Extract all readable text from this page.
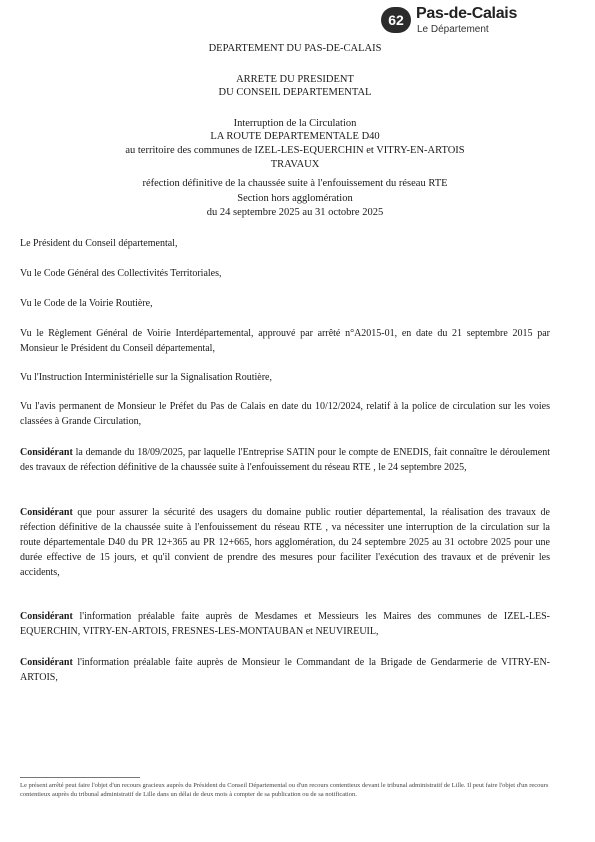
62 Pas-de-Calais
Le Département
DEPARTEMENT DU PAS-DE-CALAIS
ARRETE DU PRESIDENT
DU CONSEIL DEPARTEMENTAL
Interruption de la Circulation
LA ROUTE DEPARTEMENTALE D40
au territoire des communes de IZEL-LES-EQUERCHIN et VITRY-EN-ARTOIS
TRAVAUX
réfection définitive de la chaussée suite à l'enfouissement du réseau RTE
Section hors agglomération
du 24 septembre 2025 au 31 octobre 2025
Le Président du Conseil départemental,
Vu le Code Général des Collectivités Territoriales,
Vu le Code de la Voirie Routière,
Vu le Règlement Général de Voirie Interdépartemental, approuvé par arrêté n°A2015-01, en date du 21 septembre 2015 par Monsieur le Président du Conseil départemental,
Vu l'Instruction Interministérielle sur la Signalisation Routière,
Vu l'avis permanent de Monsieur le Préfet du Pas de Calais en date du 10/12/2024, relatif à la police de circulation sur les voies classées à Grande Circulation,
Considérant la demande du 18/09/2025, par laquelle l'Entreprise SATIN pour le compte de ENEDIS, fait connaître le déroulement des travaux de réfection définitive de la chaussée suite à l'enfouissement du réseau RTE , le 24 septembre 2025,
Considérant que pour assurer la sécurité des usagers du domaine public routier départemental, la réalisation des travaux de réfection définitive de la chaussée suite à l'enfouissement du réseau RTE , va nécessiter une interruption de la circulation sur la route départementale D40 du PR 12+365 au PR 12+665, hors agglomération, du 24 septembre 2025 au 31 octobre 2025 pour une durée effective de 15 jours, et qu'il convient de prendre des mesures pour faciliter l'exécution des travaux et de prévenir les accidents,
Considérant l'information préalable faite auprès de Mesdames et Messieurs les Maires des communes de IZEL-LES-EQUERCHIN, VITRY-EN-ARTOIS, FRESNES-LES-MONTAUBAN et NEUVIREUIL,
Considérant l'information préalable faite auprès de Monsieur le Commandant de la Brigade de Gendarmerie de VITRY-EN-ARTOIS,
Le présent arrêté peut faire l'objet d'un recours gracieux auprès du Président du Conseil Départemental ou d'un recours contentieux devant le tribunal administratif de Lille. Il peut faire l'objet d'un recours contentieux auprès du tribunal administratif de Lille dans un délai de deux mois à compter de sa publication ou de sa notification.
